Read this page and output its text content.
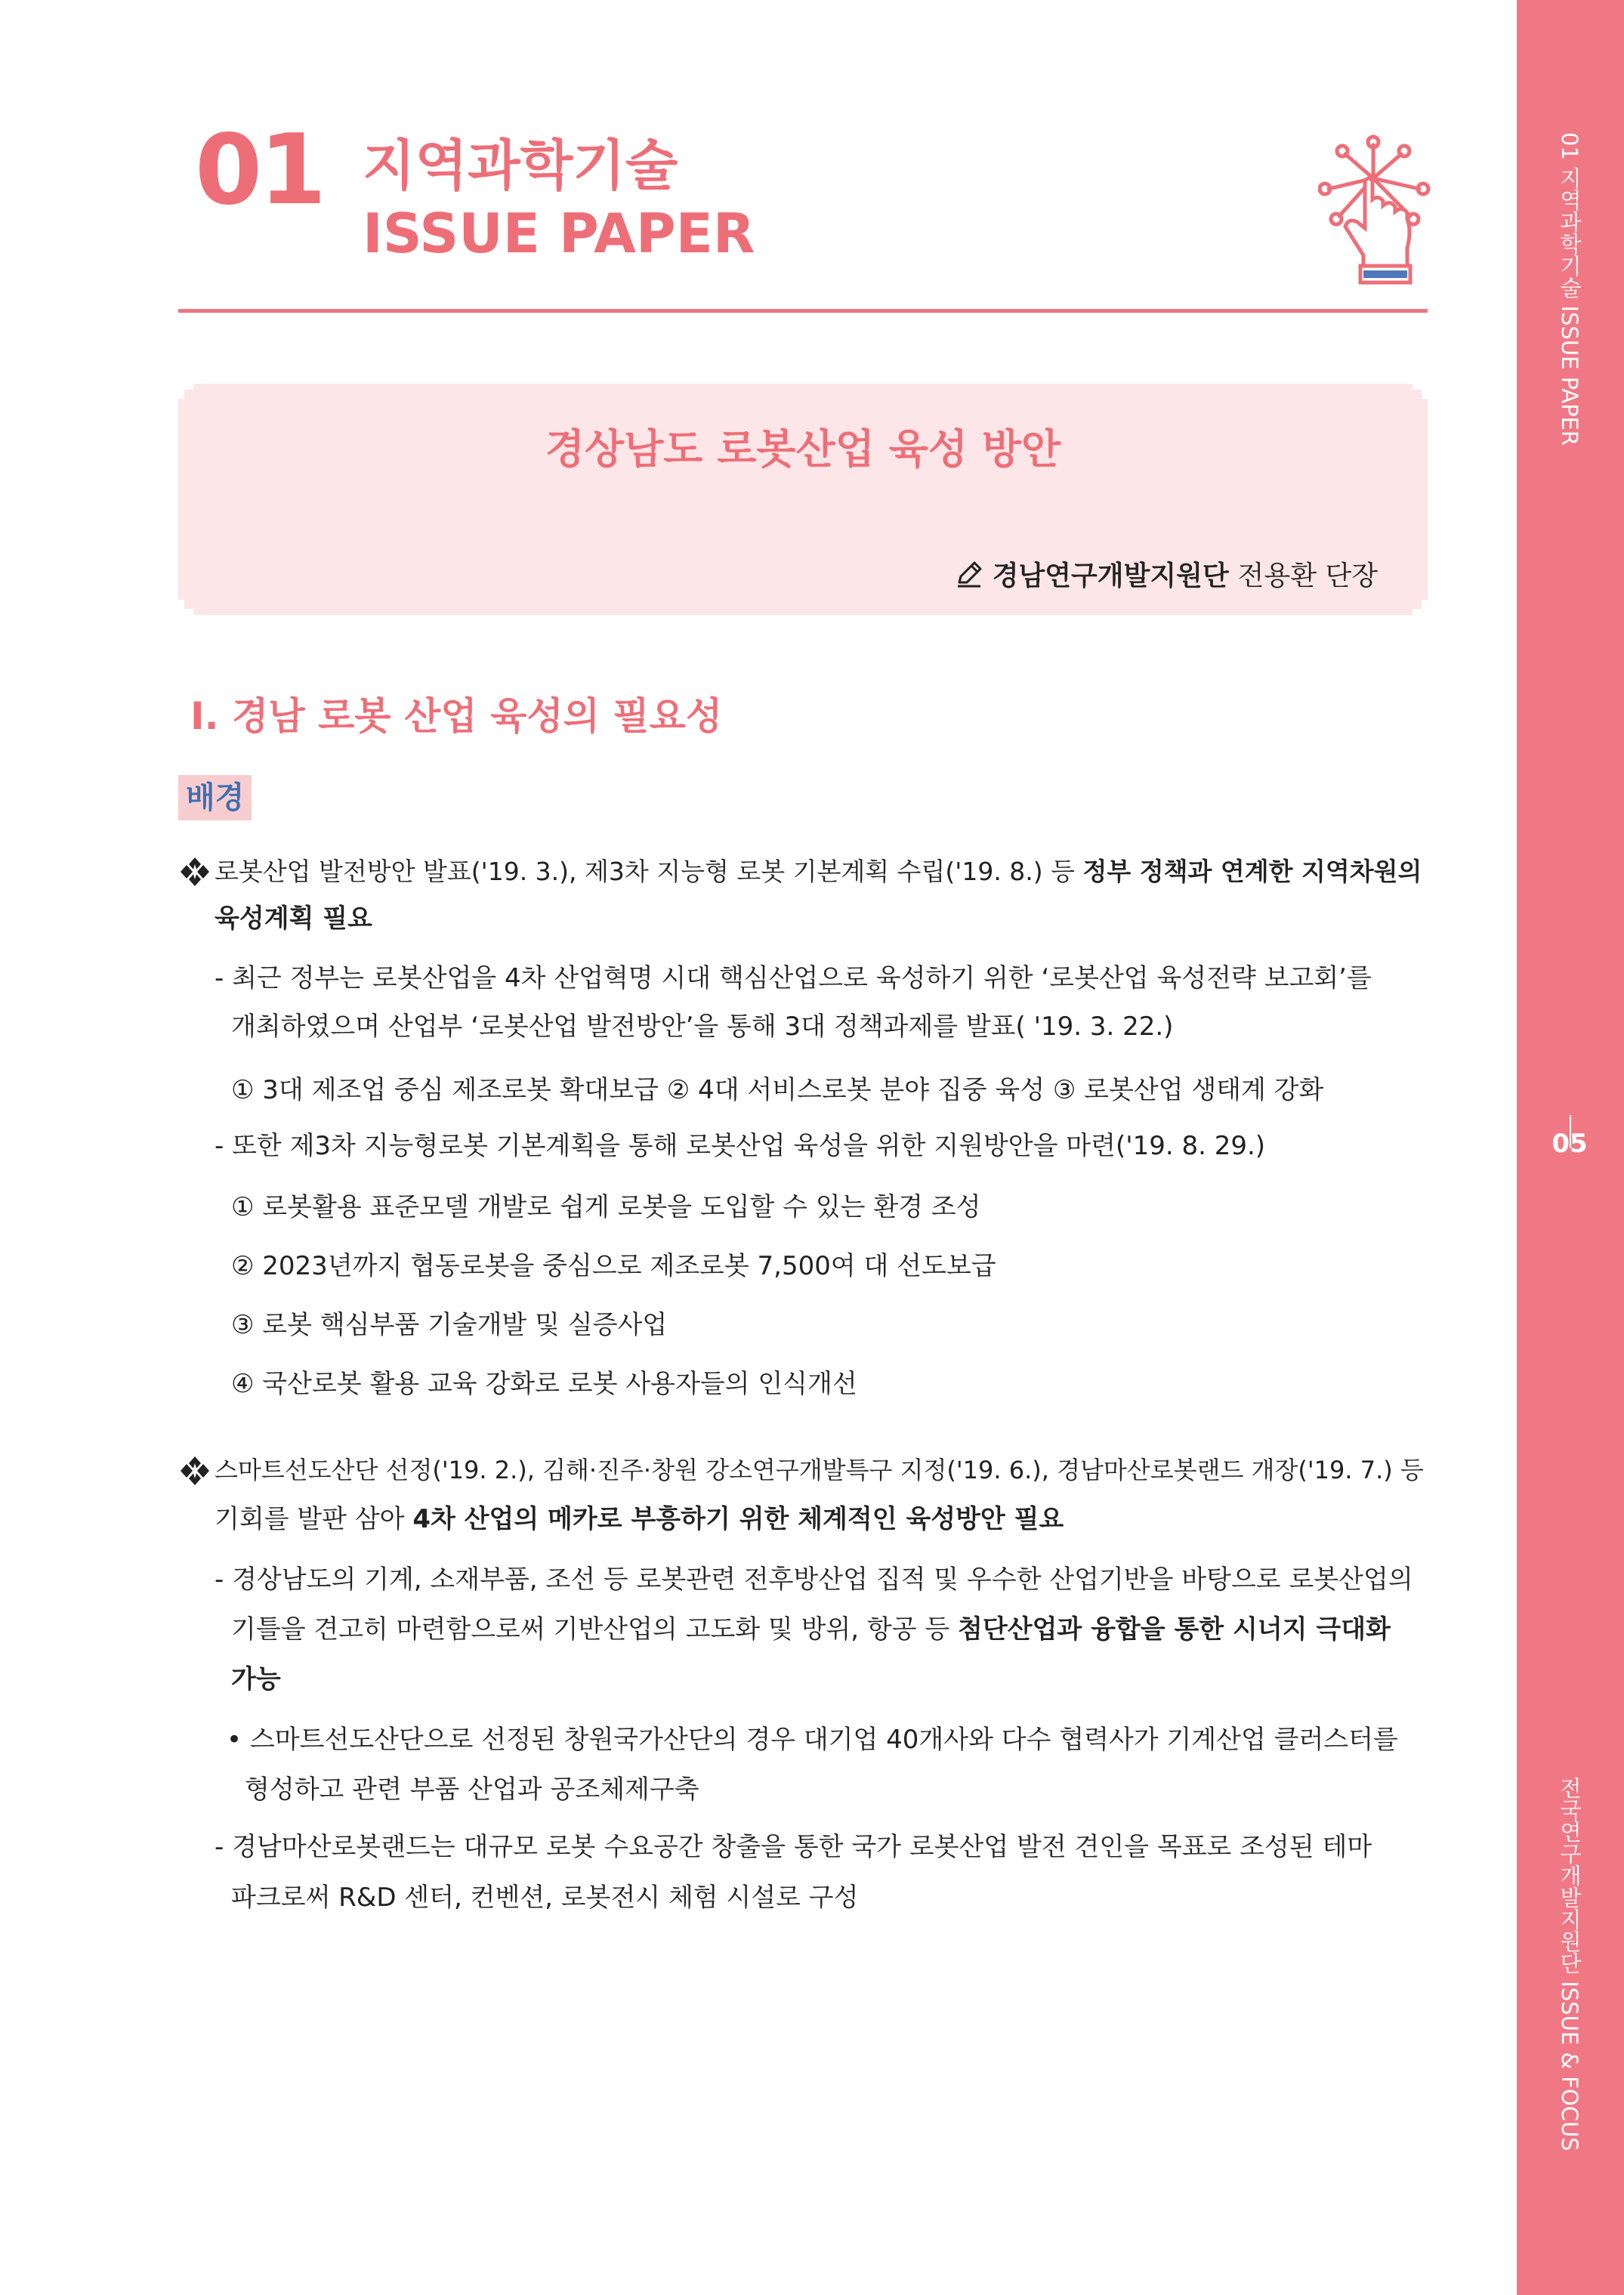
01 지역과학기술 ISSUE PAPER
05
전국연구개발지원단 ISSUE & FOCUS
01 지역과학기술
ISSUE PAPER
경상남도 로봇산업 육성 방안
경남연구개발지원단 전용환 단장
Ⅰ. 경남 로봇 산업 육성의 필요성
배경
로봇산업 발전방안 발표('19. 3.), 제3차 지능형 로봇 기본계획 수립('19. 8.) 등 정부 정책과 연계한 지역차원의
육성계획 필요
- 최근 정부는 로봇산업을 4차 산업혁명 시대 핵심산업으로 육성하기 위한 ‘로봇산업 육성전략 보고회’를
개최하였으며 산업부 ‘로봇산업 발전방안’을 통해 3대 정책과제를 발표( '19. 3. 22.)
① 3대 제조업 중심 제조로봇 확대보급 ② 4대 서비스로봇 분야 집중 육성 ③ 로봇산업 생태계 강화
- 또한 제3차 지능형로봇 기본계획을 통해 로봇산업 육성을 위한 지원방안을 마련('19. 8. 29.)
① 로봇활용 표준모델 개발로 쉽게 로봇을 도입할 수 있는 환경 조성
② 2023년까지 협동로봇을 중심으로 제조로봇 7,500여 대 선도보급
③ 로봇 핵심부품 기술개발 및 실증사업
④ 국산로봇 활용 교육 강화로 로봇 사용자들의 인식개선
스마트선도산단 선정('19. 2.), 김해·진주·창원 강소연구개발특구 지정('19. 6.), 경남마산로봇랜드 개장('19. 7.) 등
기회를 발판 삼아 4차 산업의 메카로 부흥하기 위한 체계적인 육성방안 필요
- 경상남도의 기계, 소재부품, 조선 등 로봇관련 전후방산업 집적 및 우수한 산업기반을 바탕으로 로봇산업의
기틀을 견고히 마련함으로써 기반산업의 고도화 및 방위, 항공 등 첨단산업과 융합을 통한 시너지 극대화
가능
• 스마트선도산단으로 선정된 창원국가산단의 경우 대기업 40개사와 다수 협력사가 기계산업 클러스터를
형성하고 관련 부품 산업과 공조체제구축
- 경남마산로봇랜드는 대규모 로봇 수요공간 창출을 통한 국가 로봇산업 발전 견인을 목표로 조성된 테마
파크로써 R&D 센터, 컨벤션, 로봇전시 체험 시설로 구성
